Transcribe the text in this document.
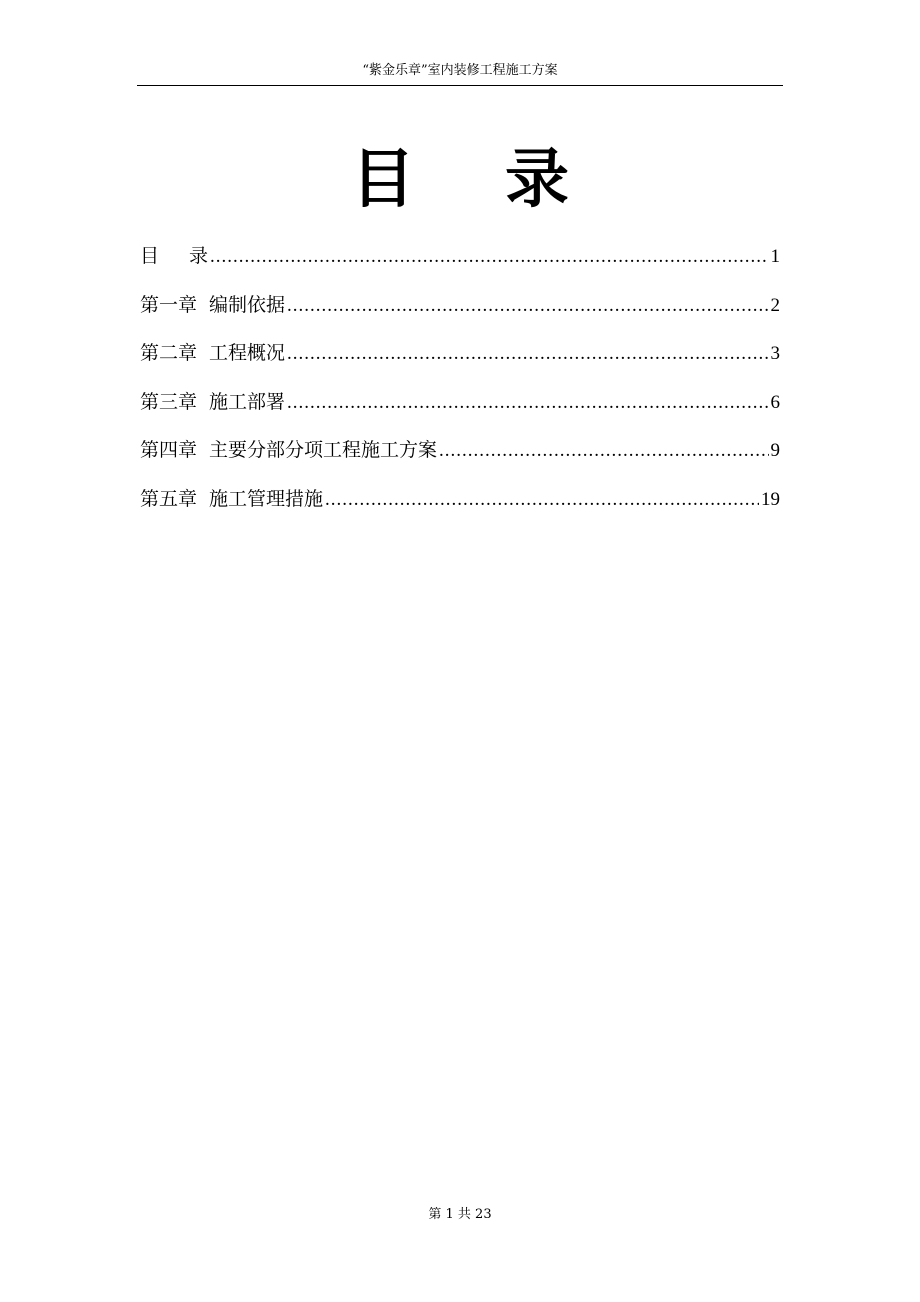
“紫金乐章”室内装修工程施工方案
目 录
目 录 .....	1
第一章 编制依据 .....	2
第二章 工程概况 .....	3
第三章 施工部署 .....	6
第四章 主要分部分项工程施工方案 .....	9
第五章 施工管理措施 .....	19
第 1 共 23
